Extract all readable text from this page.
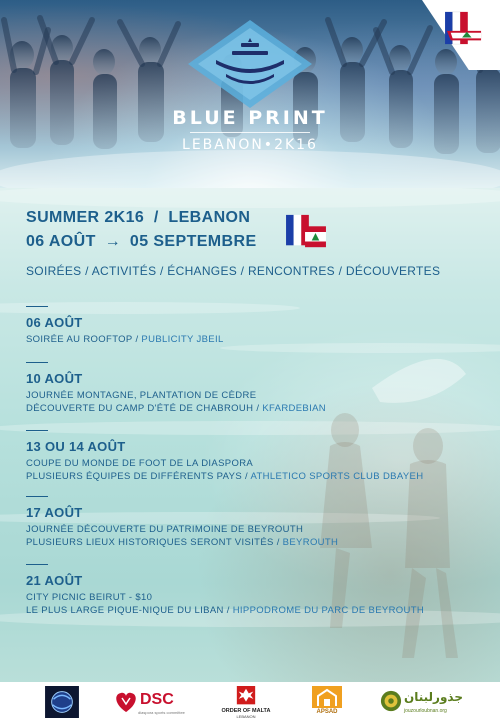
BLUE PRINT
LEBANON•2K16
SUMMER 2K16  /  LEBANON
06 AOÛT → 05 SEPTEMBRE
SOIRÉES / ACTIVITÉS / ÉCHANGES / RENCONTRES / DÉCOUVERTES
06 AOÛT
SOIRÉE AU ROOFTOP / PUBLICITY JBEIL
10 AOÛT
JOURNÉE MONTAGNE, PLANTATION DE CÈDRE
DÉCOUVERTE DU CAMP D'ÉTÉ DE CHABROUH / KFARDEBIAN
13 OU 14 AOÛT
COUPE DU MONDE DE FOOT DE LA DIASPORA
PLUSIEURS ÉQUIPES DE DIFFÉRENTS PAYS / ATHLETICO SPORTS CLUB DBAYEH
17 AOÛT
JOURNÉE DÉCOUVERTE DU PATRIMOINE DE BEYROUTH
PLUSIEURS LIEUX HISTORIQUES SERONT VISITÉS / BEYROUTH
21 AOÛT
CITY PICNIC BEIRUT - $10
LE PLUS LARGE PIQUE-NIQUE DU LIBAN / HIPPODROME DU PARC DE BEYROUTH
DSC
diaspora sports committee	ORDER OF MALTA
LEBANON
APSAD
جذورلبنان
jouzourloubnan.org
